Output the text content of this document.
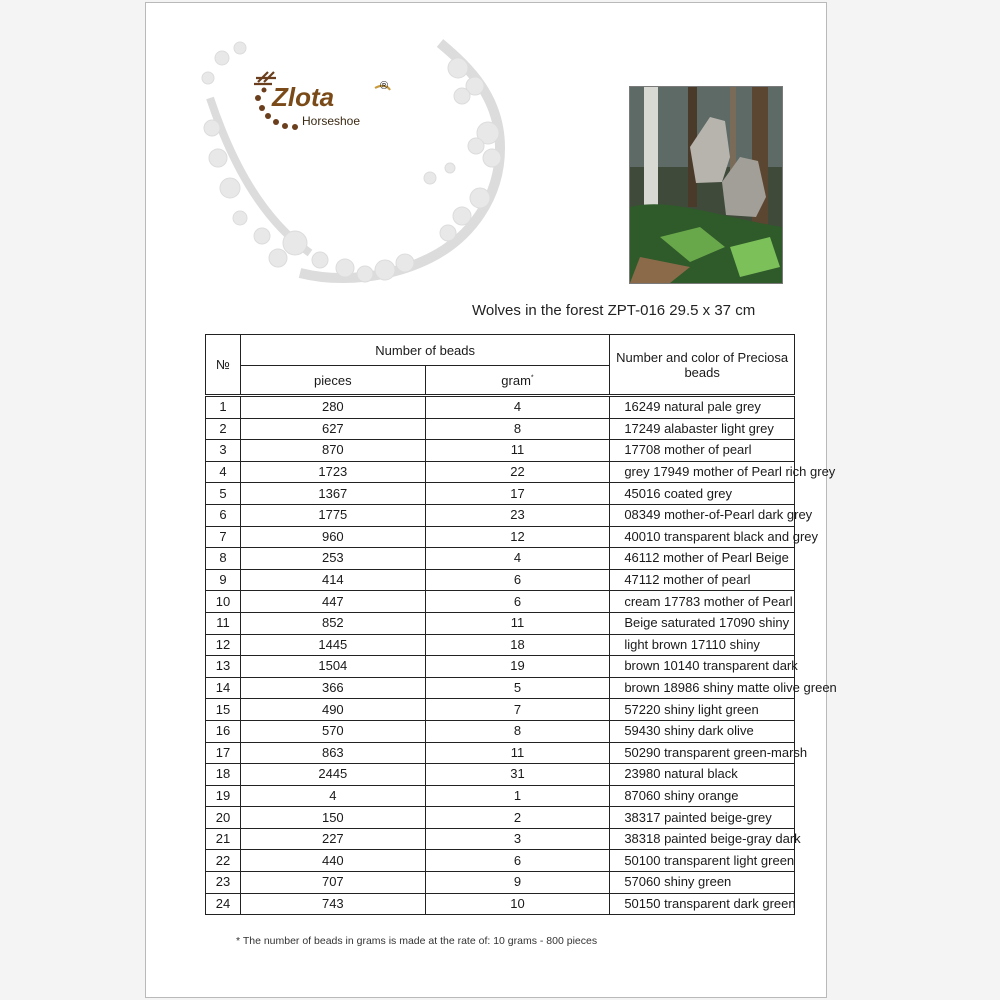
Zlota	®
Horseshoe
Wolves in the forest ZPT-016 29.5 x 37 cm
№	Number of beads		Number and color of Preciosa beads
	pieces	gram*
1	280	4	16249 natural pale grey
2	627	8	17249 alabaster light grey
3	870	11	17708 mother of pearl
4	1723	22	grey 17949 mother of Pearl rich grey
5	1367	17	45016 coated grey
6	1775	23	08349 mother-of-Pearl dark grey
7	960	12	40010 transparent black and grey
8	253	4	46112 mother of Pearl Beige
9	414	6	47112 mother of pearl
10	447	6	cream 17783 mother of Pearl
11	852	11	Beige saturated 17090 shiny
12	1445	18	light brown 17110 shiny
13	1504	19	brown 10140 transparent dark
14	366	5	brown 18986 shiny matte olive green
15	490	7	57220 shiny light green
16	570	8	59430 shiny dark olive
17	863	11	50290 transparent green-marsh
18	2445	31	23980 natural black
19	4	1	87060 shiny orange
20	150	2	38317 painted beige-grey
21	227	3	38318 painted beige-gray dark
22	440	6	50100 transparent light green
23	707	9	57060 shiny green
24	743	10	50150 transparent dark green
* The number of beads in grams is made at the rate of: 10 grams - 800 pieces
